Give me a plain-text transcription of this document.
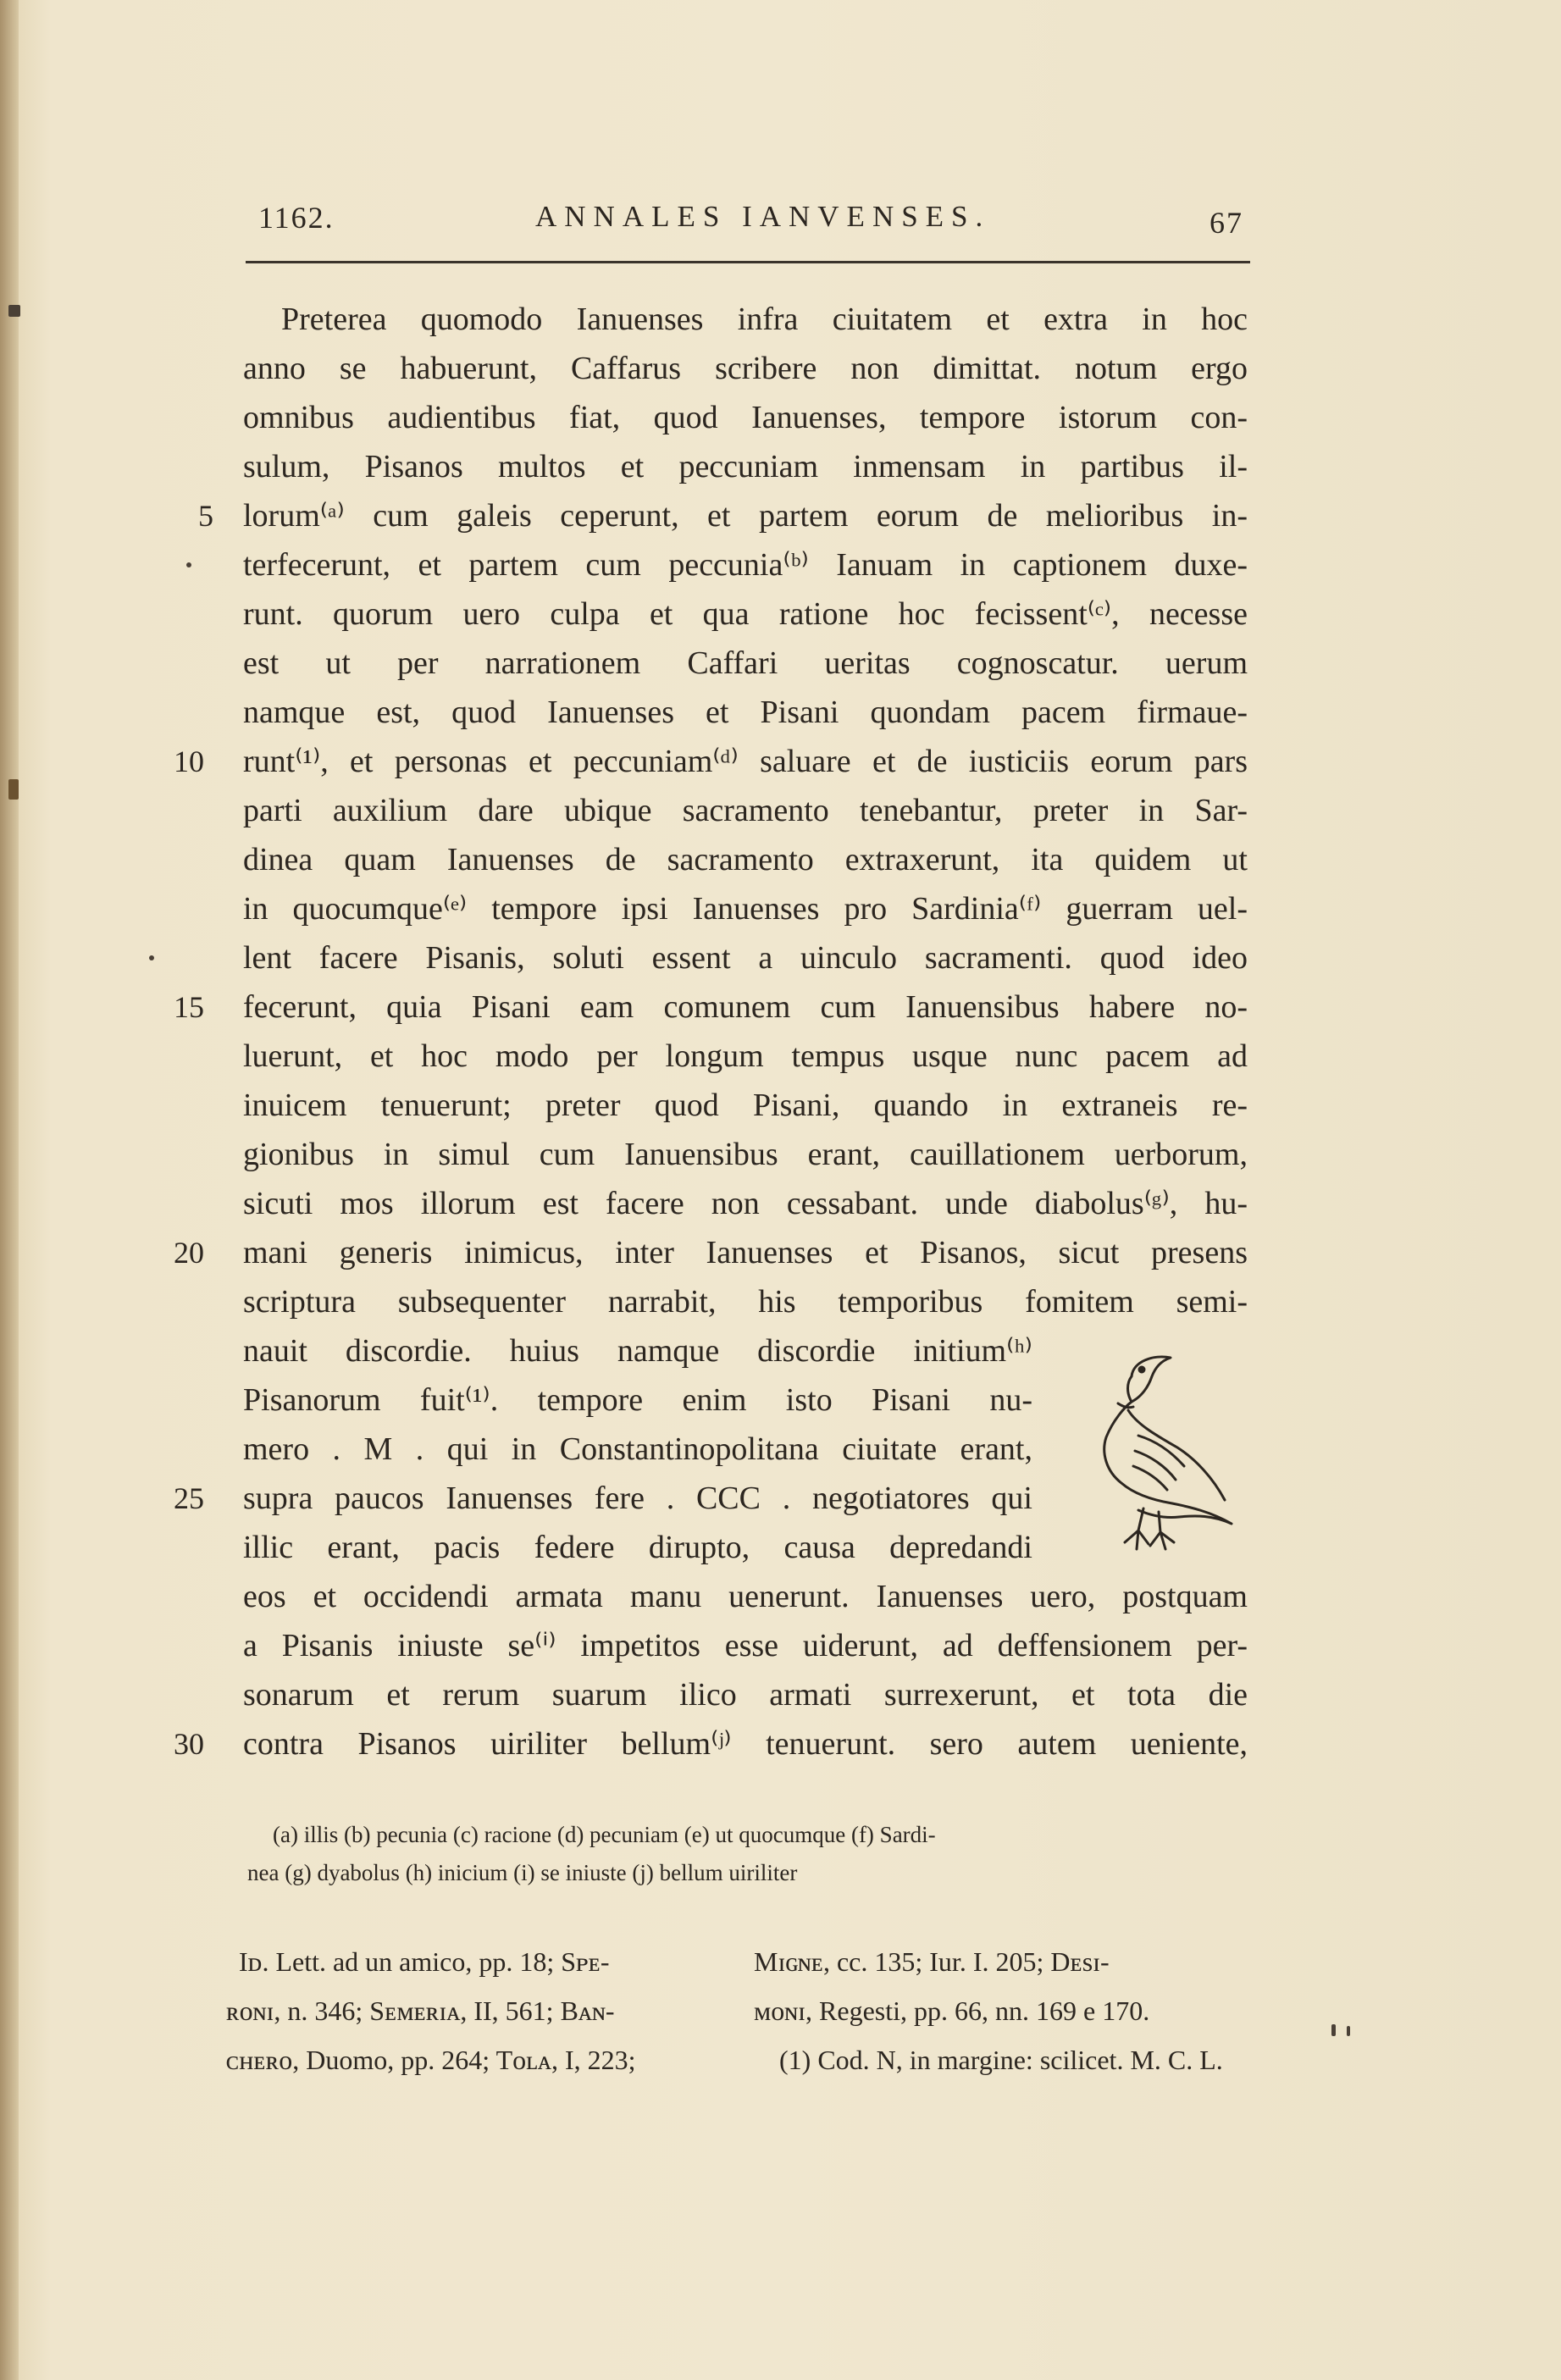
1162.	ANNALES IANVENSES.	67
Preterea quomodo Ianuenses infra ciuitatem et extra in hoc
anno se habuerunt, Caffarus scribere non dimittat. notum ergo
omnibus audientibus fiat, quod Ianuenses, tempore istorum con-
sulum, Pisanos multos et peccuniam inmensam in partibus il-
lorum⁽ᵃ⁾ cum galeis ceperunt, et partem eorum de melioribus in-
terfecerunt, et partem cum peccunia⁽ᵇ⁾ Ianuam in captionem duxe-
runt. quorum uero culpa et qua ratione hoc fecissent⁽ᶜ⁾, necesse
est ut per narrationem Caffari ueritas cognoscatur. uerum
namque est, quod Ianuenses et Pisani quondam pacem firmaue-
runt⁽¹⁾, et personas et peccuniam⁽ᵈ⁾ saluare et de iusticiis eorum pars
parti auxilium dare ubique sacramento tenebantur, preter in Sar-
dinea quam Ianuenses de sacramento extraxerunt, ita quidem ut
in quocumque⁽ᵉ⁾ tempore ipsi Ianuenses pro Sardinia⁽ᶠ⁾ guerram uel-
lent facere Pisanis, soluti essent a uinculo sacramenti. quod ideo
fecerunt, quia Pisani eam comunem cum Ianuensibus habere no-
luerunt, et hoc modo per longum tempus usque nunc pacem ad
inuicem tenuerunt; preter quod Pisani, quando in extraneis re-
gionibus in simul cum Ianuensibus erant, cauillationem uerborum,
sicuti mos illorum est facere non cessabant. unde diabolus⁽ᵍ⁾, hu-
mani generis inimicus, inter Ianuenses et Pisanos, sicut presens
scriptura subsequenter narrabit, his temporibus fomitem semi-
nauit discordie. huius namque discordie initium⁽ʰ⁾
Pisanorum fuit⁽¹⁾. tempore enim isto Pisani nu-
mero . M . qui in Constantinopolitana ciuitate erant,
supra paucos Ianuenses fere . CCC . negotiatores qui
illic erant, pacis federe dirupto, causa depredandi
eos et occidendi armata manu uenerunt. Ianuenses uero, postquam
a Pisanis iniuste se⁽ⁱ⁾ impetitos esse uiderunt, ad deffensionem per-
sonarum et rerum suarum ilico armati surrexerunt, et tota die
contra Pisanos uiriliter bellum⁽ʲ⁾ tenuerunt. sero autem ueniente,
5
10
15
20
25
30
(a) illis (b) pecunia (c) racione (d) pecuniam (e) ut quocumque (f) Sardi-
nea (g) dyabolus (h) inicium (i) se iniuste (j) bellum uiriliter
Iᴅ. Lett. ad un amico, pp. 18; Sᴘᴇ-
ʀᴏɴɪ, n. 346; Sᴇᴍᴇʀɪᴀ, II, 561; Bᴀɴ-
ᴄʜᴇʀᴏ, Duomo, pp. 264; Tᴏʟᴀ, I, 223;
Mɪɢɴᴇ, cc. 135; Iur. I. 205; Dᴇsɪ-
ᴍᴏɴɪ, Regesti, pp. 66, nn. 169 e 170.
(1) Cod. N, in margine: scilicet. M. C. L.
